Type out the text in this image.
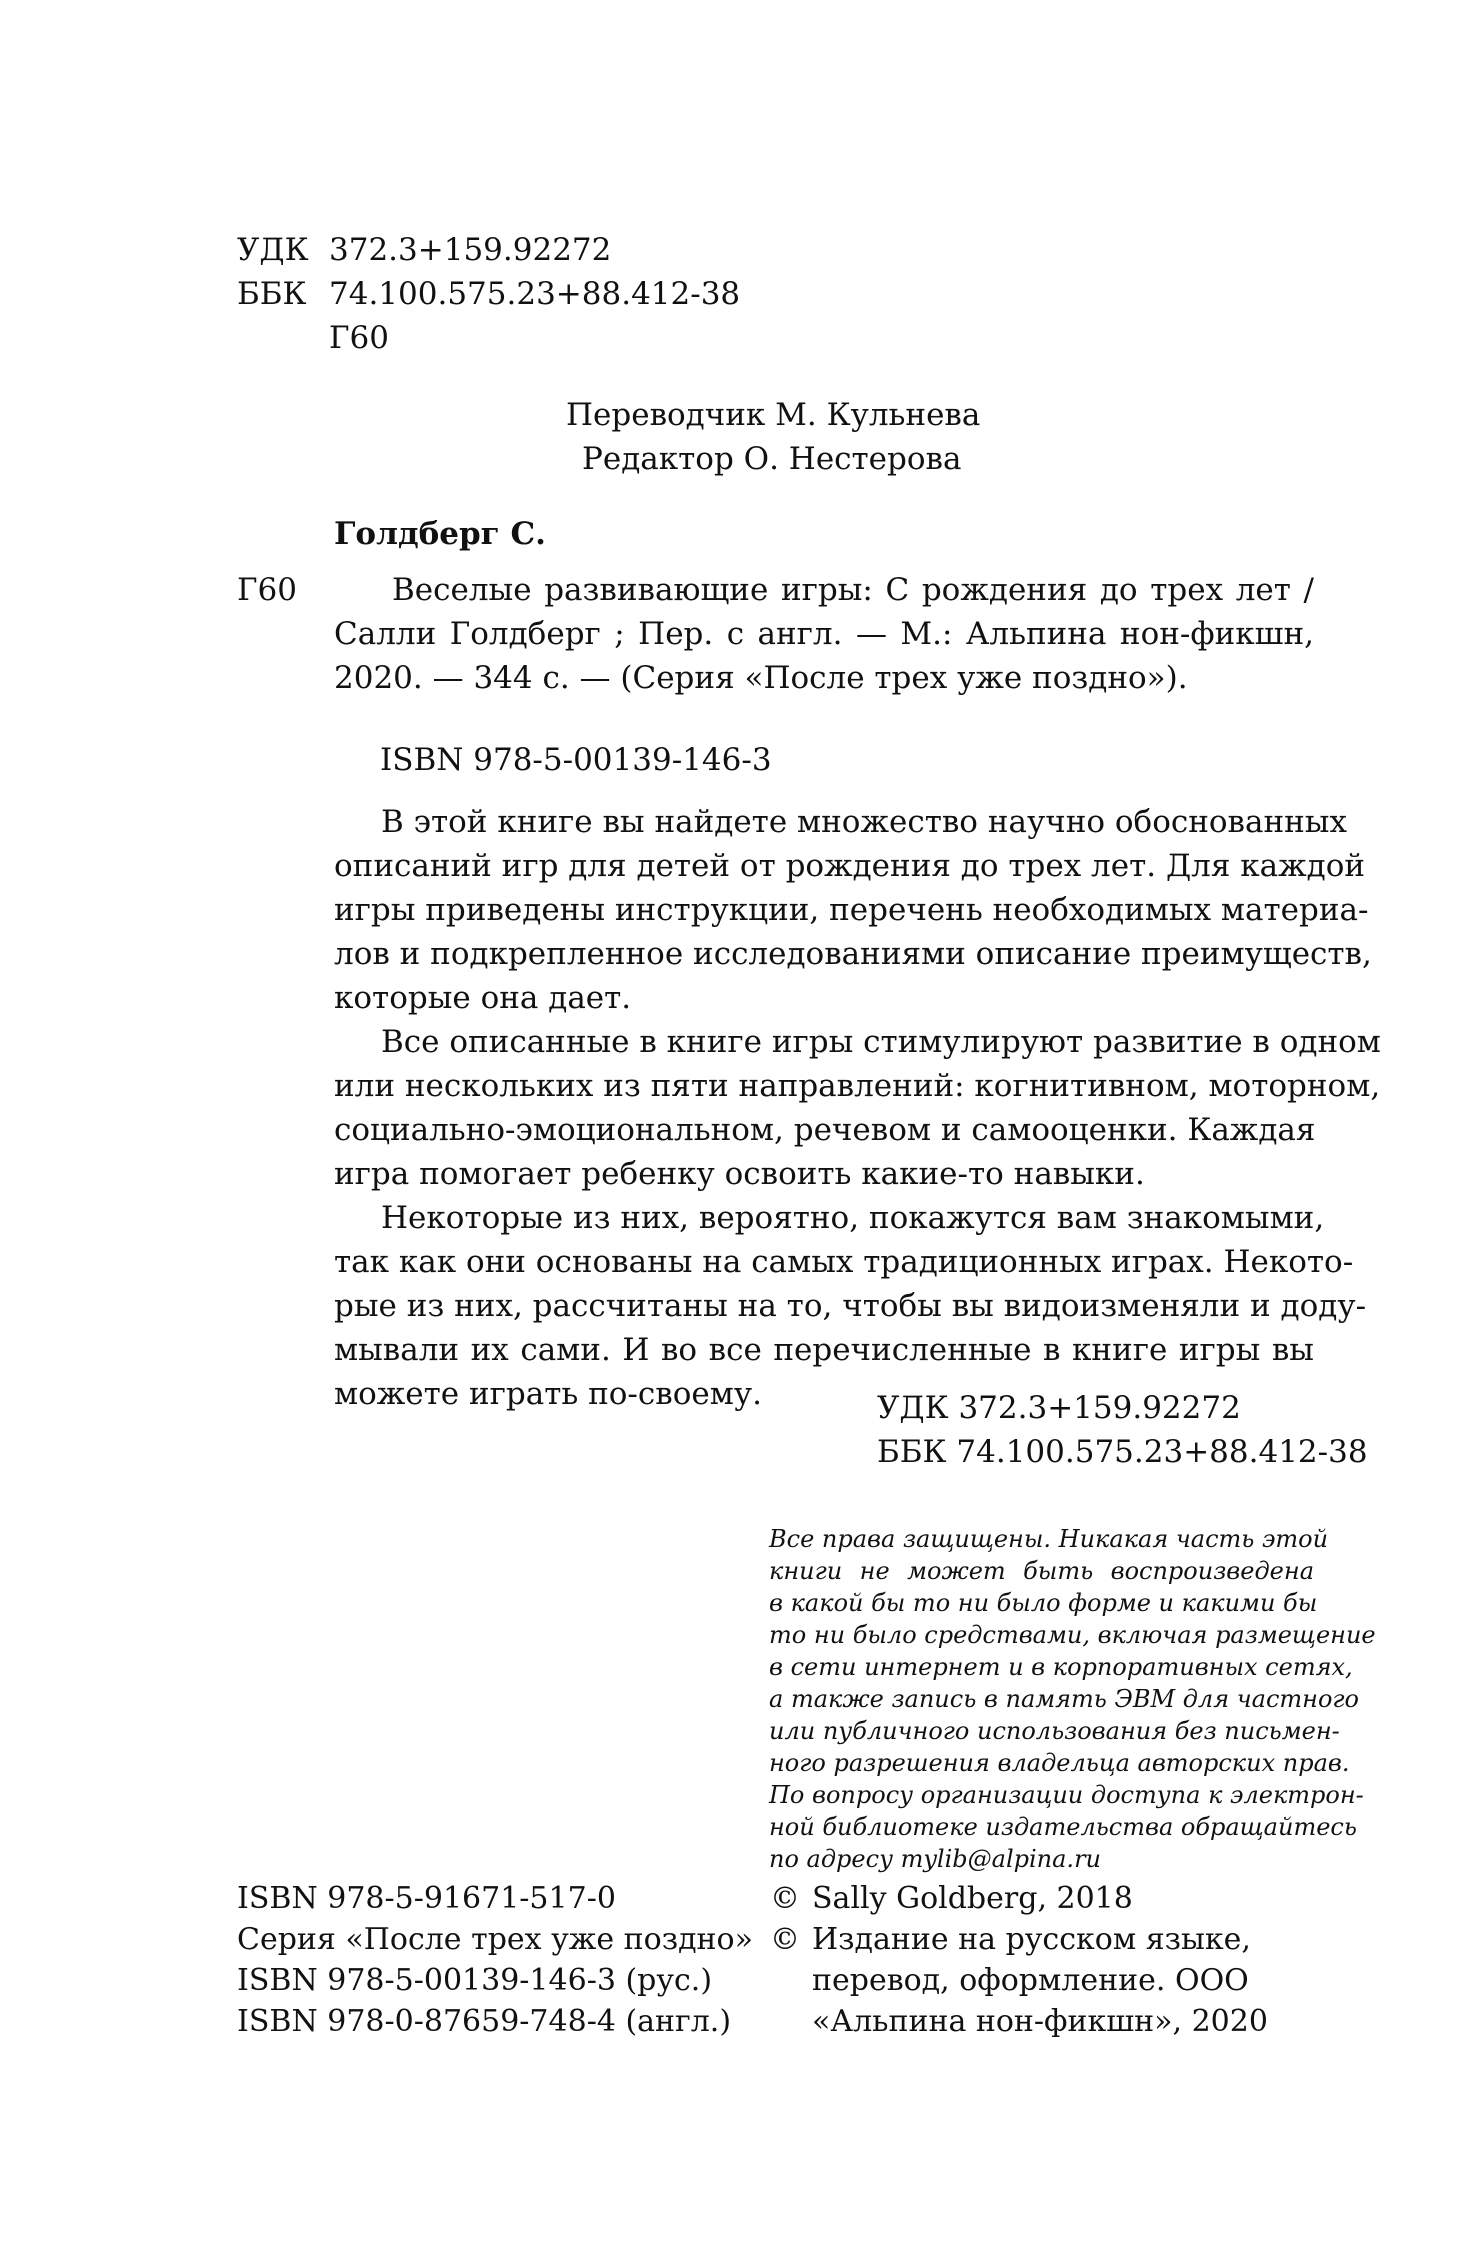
УДК 372.3+159.92272
ББК 74.100.575.23+88.412-38
Г60
Переводчик М. Кульнева
Редактор О. Нестерова
Голдберг С.
Г60	Веселые развивающие игры: С рождения до трех лет /
Салли Голдберг ; Пер. с англ. — М.: Альпина нон-фикшн,
2020. — 344 с. — (Серия «После трех уже поздно»).
ISBN 978-5-00139-146-3
В этой книге вы найдете множество научно обоснованных
описаний игр для детей от рождения до трех лет. Для каждой
игры приведены инструкции, перечень необходимых материа-
лов и подкрепленное исследованиями описание преимуществ,
которые она дает.
Все описанные в книге игры стимулируют развитие в одном
или нескольких из пяти направлений: когнитивном, моторном,
социально-эмоциональном, речевом и самооценки. Каждая
игра помогает ребенку освоить какие-то навыки.
Некоторые из них, вероятно, покажутся вам знакомыми,
так как они основаны на самых традиционных играх. Некото-
рые из них, рассчитаны на то, чтобы вы видоизменяли и доду-
мывали их сами. И во все перечисленные в книге игры вы
можете играть по-своему.	УДК 372.3+159.92272
ББК 74.100.575.23+88.412-38
Все права защищены. Никакая часть этой
книги не может быть воспроизведена
в какой бы то ни было форме и какими бы
то ни было средствами, включая размещение
в сети интернет и в корпоративных сетях,
а также запись в память ЭВМ для частного
или публичного использования без письмен-
ного разрешения владельца авторских прав.
По вопросу организации доступа к электрон-
ной библиотеке издательства обращайтесь
по адресу mylib@alpina.ru
ISBN 978-5-91671-517-0
Серия «После трех уже поздно»
ISBN 978-5-00139-146-3 (рус.)
ISBN 978-0-87659-748-4 (англ.)
© Sally Goldberg, 2018
© Издание на русском языке,
перевод, оформление. ООО
«Альпина нон-фикшн», 2020
